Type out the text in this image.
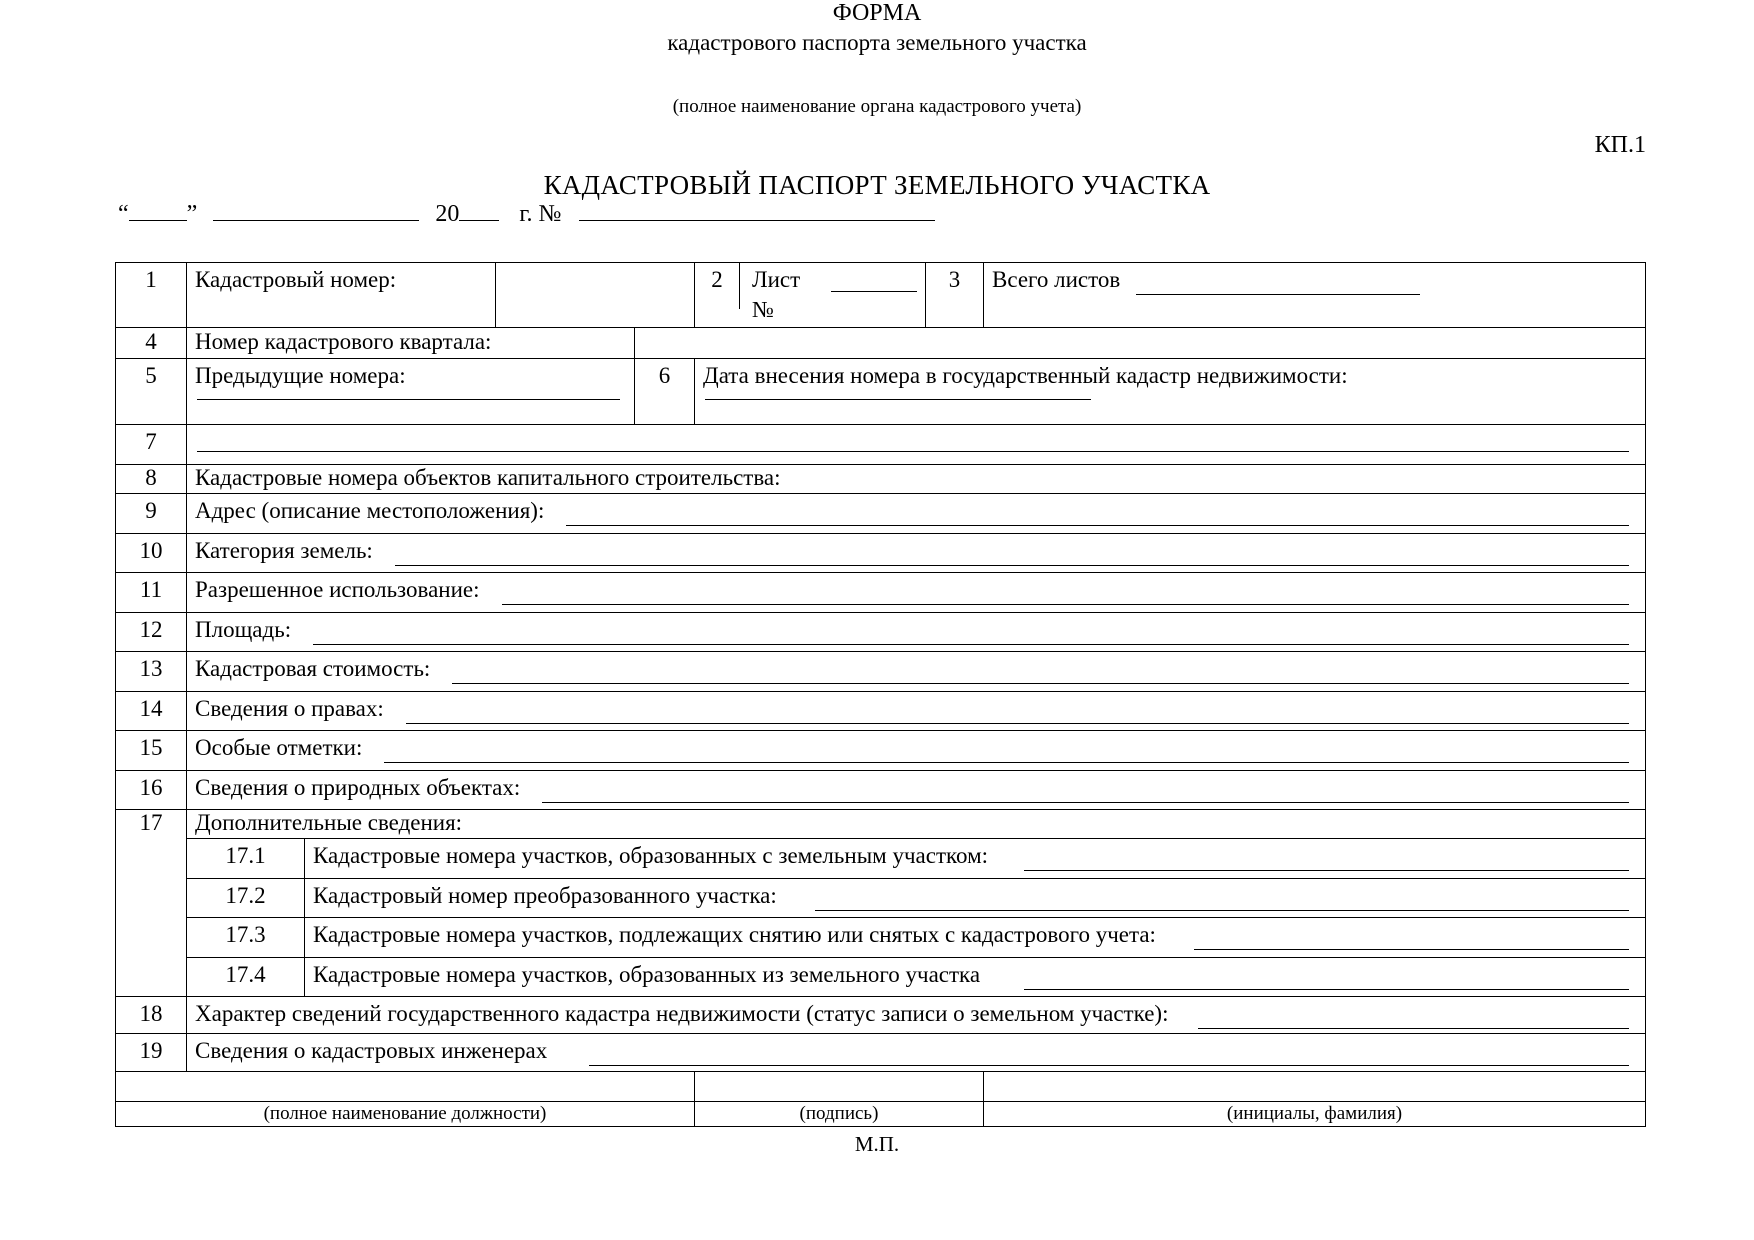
ФОРМА
кадастрового паспорта земельного участка
(полное наименование органа кадастрового учета)
КП.1
КАДАСТРОВЫЙ ПАСПОРТ ЗЕМЕЛЬНОГО УЧАСТКА
“ ”	20	г. №
1	Кадастровый номер:				2 Лист №	3	Всего листов

4	Номер кадастрового квартала:						
5	Предыдущие номера:			6	Дата внесения номера в государственный кадастр недвижимости:		

7							

8	Кадастровые номера объектов капитального строительства:						
9	Адрес (описание местоположения):						

10	Категория земель:						

11	Разрешенное использование:						

12	Площадь:						

13	Кадастровая стоимость:						

14	Сведения о правах:						

15	Особые отметки:						

16	Сведения о природных объектах:						

17	Дополнительные сведения:						
	17.1	Кадастровые номера участков, образованных с земельным участком:					

	17.2	Кадастровый номер преобразованного участка:					

	17.3	Кадастровые номера участков, подлежащих снятию или снятых с кадастрового учета:					

	17.4	Кадастровые номера участков, образованных из земельного участка					

18	Характер сведений государственного кадастра недвижимости (статус записи о земельном участке):						

19	Сведения о кадастровых инженерах						

(полное наименование должности)					(подпись)		(инициалы, фамилия)
М.П.
